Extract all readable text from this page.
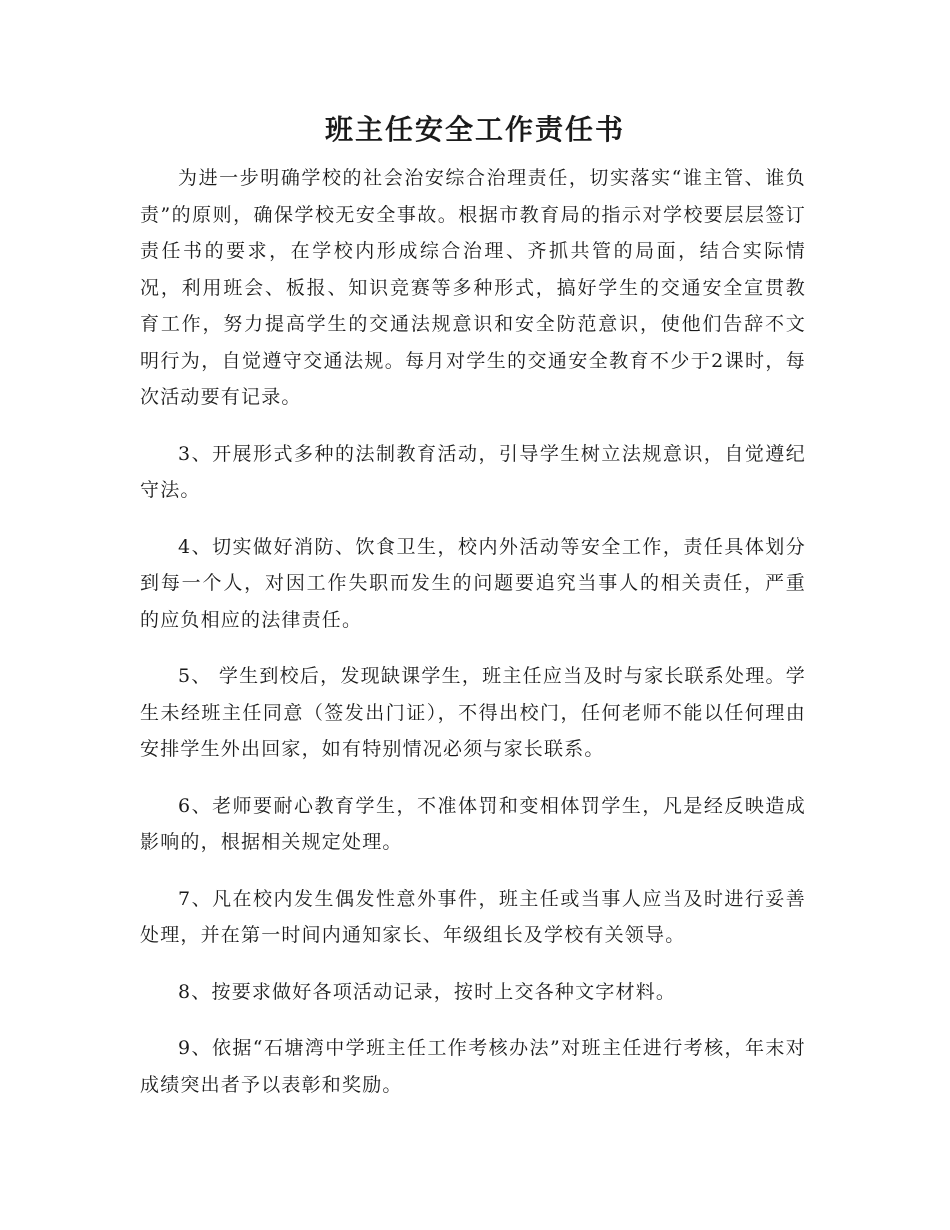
班主任安全工作责任书

为进一步明确学校的社会治安综合治理责任，切实落实“谁主管、谁负责”的原则，确保学校无安全事故。根据市教育局的指示对学校要层层签订责任书的要求，在学校内形成综合治理、齐抓共管的局面，结合实际情况，利用班会、板报、知识竞赛等多种形式，搞好学生的交通安全宣贯教育工作，努力提高学生的交通法规意识和安全防范意识，使他们告辞不文明行为，自觉遵守交通法规。每月对学生的交通安全教育不少于2课时，每次活动要有记录。

3、开展形式多种的法制教育活动，引导学生树立法规意识，自觉遵纪守法。

4、切实做好消防、饮食卫生，校内外活动等安全工作，责任具体划分到每一个人，对因工作失职而发生的问题要追究当事人的相关责任，严重的应负相应的法律责任。

5、 学生到校后，发现缺课学生，班主任应当及时与家长联系处理。学生未经班主任同意（签发出门证），不得出校门，任何老师不能以任何理由安排学生外出回家，如有特别情况必须与家长联系。

6、老师要耐心教育学生，不准体罚和变相体罚学生，凡是经反映造成影响的，根据相关规定处理。

7、凡在校内发生偶发性意外事件，班主任或当事人应当及时进行妥善处理，并在第一时间内通知家长、年级组长及学校有关领导。

8、按要求做好各项活动记录，按时上交各种文字材料。

9、依据“石塘湾中学班主任工作考核办法”对班主任进行考核，年末对成绩突出者予以表彰和奖励。
